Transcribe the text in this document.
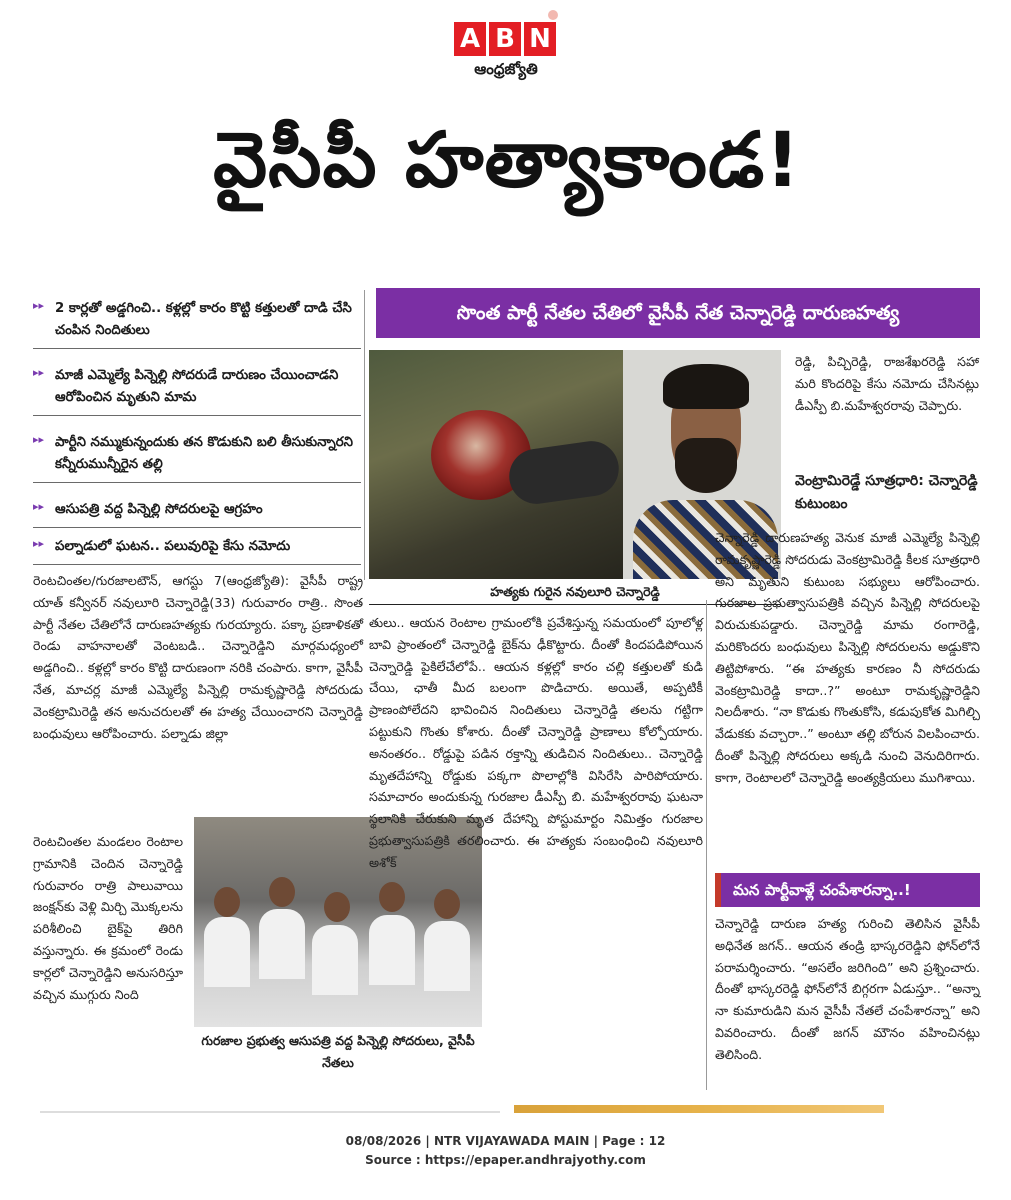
A B N
ఆంధ్రజ్యోతి
వైసీపీ హత్యాకాండ!
▸▸ 2 కార్లతో అడ్డగించి.. కళ్లల్లో కారం కొట్టి కత్తులతో దాడి చేసి చంపిన నిందితులు
▸▸ మాజీ ఎమ్మెల్యే పిన్నెల్లి సోదరుడే దారుణం చేయించాడని ఆరోపించిన మృతుని మామ
▸▸ పార్టీని నమ్ముకున్నందుకు తన కొడుకుని బలి తీసుకున్నారని కన్నీరుమున్నీరైన తల్లి
▸▸ ఆసుపత్రి వద్ద పిన్నెల్లి సోదరులపై ఆగ్రహం
▸▸ పల్నాడులో ఘటన.. పలువురిపై కేసు నమోదు
సొంత పార్టీ నేతల చేతిలో వైసీపీ నేత చెన్నారెడ్డి దారుణహత్య
హత్యకు గురైన నవులూరి చెన్నారెడ్డి

రెంటచింతల/గురజాలటౌన్, ఆగస్టు 7(ఆంధ్రజ్యోతి): వైసీపీ రాష్ట్ర యాత్ కన్వీనర్ నవులూరి చెన్నారెడ్డి(33) గురువారం రాత్రి.. సొంత పార్టీ నేతల చేతిలోనే దారుణహత్యకు గురయ్యారు. పక్కా ప్రణాళికతో రెండు వాహనాలతో వెంటబడి.. చెన్నారెడ్డిని మార్గమధ్యంలో అడ్డగించి.. కళ్లల్లో కారం కొట్టి దారుణంగా నరికి చంపారు. కాగా, వైసీపీ నేత, మాచర్ల మాజీ ఎమ్మెల్యే పిన్నెల్లి రామకృష్ణారెడ్డి సోదరుడు వెంకట్రామిరెడ్డి తన అనుచరులతో ఈ హత్య చేయించారని చెన్నారెడ్డి బంధువులు ఆరోపించారు. పల్నాడు జిల్లా

రెంటచింతల మండలం రెంటాల గ్రామానికి చెందిన చెన్నారెడ్డి గురువారం రాత్రి పాలువాయి జంక్షన్‌కు వెళ్లి మిర్చి మొక్కలను పరిశీలించి బైక్‌పై తిరిగి వస్తున్నారు. ఈ క్రమంలో రెండు కార్లలో చెన్నారెడ్డిని అనుసరిస్తూ వచ్చిన ముగ్గురు నింది

గురజాల ప్రభుత్వ ఆసుపత్రి వద్ద పిన్నెల్లి సోదరులు, వైసీపీ నేతలు

తులు.. ఆయన రెంటాల గ్రామంలోకి ప్రవేశిస్తున్న సమయంలో పూలోళ్ల బావి ప్రాంతంలో చెన్నారెడ్డి బైక్‌ను ఢీకొట్టారు. దీంతో కిందపడిపోయిన చెన్నారెడ్డి పైకిలేచేలోపే.. ఆయన కళ్లల్లో కారం చల్లి కత్తులతో కుడి చేయి, ఛాతీ మీద బలంగా పొడిచారు. అయితే, అప్పటికీ ప్రాణంపోలేదని భావించిన నిందితులు చెన్నారెడ్డి తలను గట్టిగా పట్టుకుని గొంతు కోశారు. దీంతో చెన్నారెడ్డి ప్రాణాలు కోల్పోయారు. అనంతరం.. రోడ్డుపై పడిన రక్తాన్ని తుడిచిన నిందితులు.. చెన్నారెడ్డి మృతదేహాన్ని రోడ్డుకు పక్కగా పొలాల్లోకి విసిరేసి పారిపోయారు. సమాచారం అందుకున్న గురజాల డీఎస్పీ బి. మహేశ్వరరావు ఘటనా స్థలానికి చేరుకుని మృత దేహాన్ని పోస్టుమార్టం నిమిత్తం గురజాల ప్రభుత్వాసుపత్రికి తరలించారు. ఈ హత్యకు సంబంధించి నవులూరి అశోక్

రెడ్డి, పిచ్చిరెడ్డి, రాజశేఖరరెడ్డి సహా మరి కొందరిపై కేసు నమోదు చేసినట్లు డీఎస్పీ బి.మహేశ్వరరావు చెప్పారు.

వెంట్రామిరెడ్డే సూత్రధారి: చెన్నారెడ్డి కుటుంబం

చెన్నారెడ్డి దారుణహత్య వెనుక మాజీ ఎమ్మెల్యే పిన్నెల్లి రామకృష్ణారెడ్డి సోదరుడు వెంకట్రామిరెడ్డి కీలక సూత్రధారి అని మృతుని కుటుంబ సభ్యులు ఆరోపించారు. గురజాల ప్రభుత్వాసుపత్రికి వచ్చిన పిన్నెల్లి సోదరులపై విరుచుకుపడ్డారు. చెన్నారెడ్డి మామ రంగారెడ్డి, మరికొందరు బంధువులు పిన్నెల్లి సోదరులను అడ్డుకొని తిట్టిపోశారు. “ఈ హత్యకు కారణం నీ సోదరుడు వెంకట్రామిరెడ్డి కాదా..?” అంటూ రామకృష్ణారెడ్డిని నిలదీశారు. “నా కొడుకు గొంతుకోసి, కడుపుకోత మిగిల్చి వేడుకకు వచ్చారా..” అంటూ తల్లి బోరున విలపించారు. దీంతో పిన్నెల్లి సోదరులు అక్కడి నుంచి వెనుదిరిగారు. కాగా, రెంటాలలో చెన్నారెడ్డి అంత్యక్రియలు ముగిశాయి.

మన పార్టీవాళ్లే చంపేశారన్నా..!

చెన్నారెడ్డి దారుణ హత్య గురించి తెలిసిన వైసీపీ అధినేత జగన్.. ఆయన తండ్రి భాస్కరరెడ్డిని ఫోన్‌లోనే పరామర్శించారు. “అసలేం జరిగింది” అని ప్రశ్నించారు. దీంతో భాస్కరరెడ్డి ఫోన్‌లోనే బిగ్గరగా ఏడుస్తూ.. “అన్నా నా కుమారుడిని మన వైసీపీ నేతలే చంపేశారన్నా” అని వివరించారు. దీంతో జగన్ మౌనం వహించినట్లు తెలిసింది.

08/08/2026 | NTR VIJAYAWADA MAIN | Page : 12
Source : https://epaper.andhrajyothy.com
